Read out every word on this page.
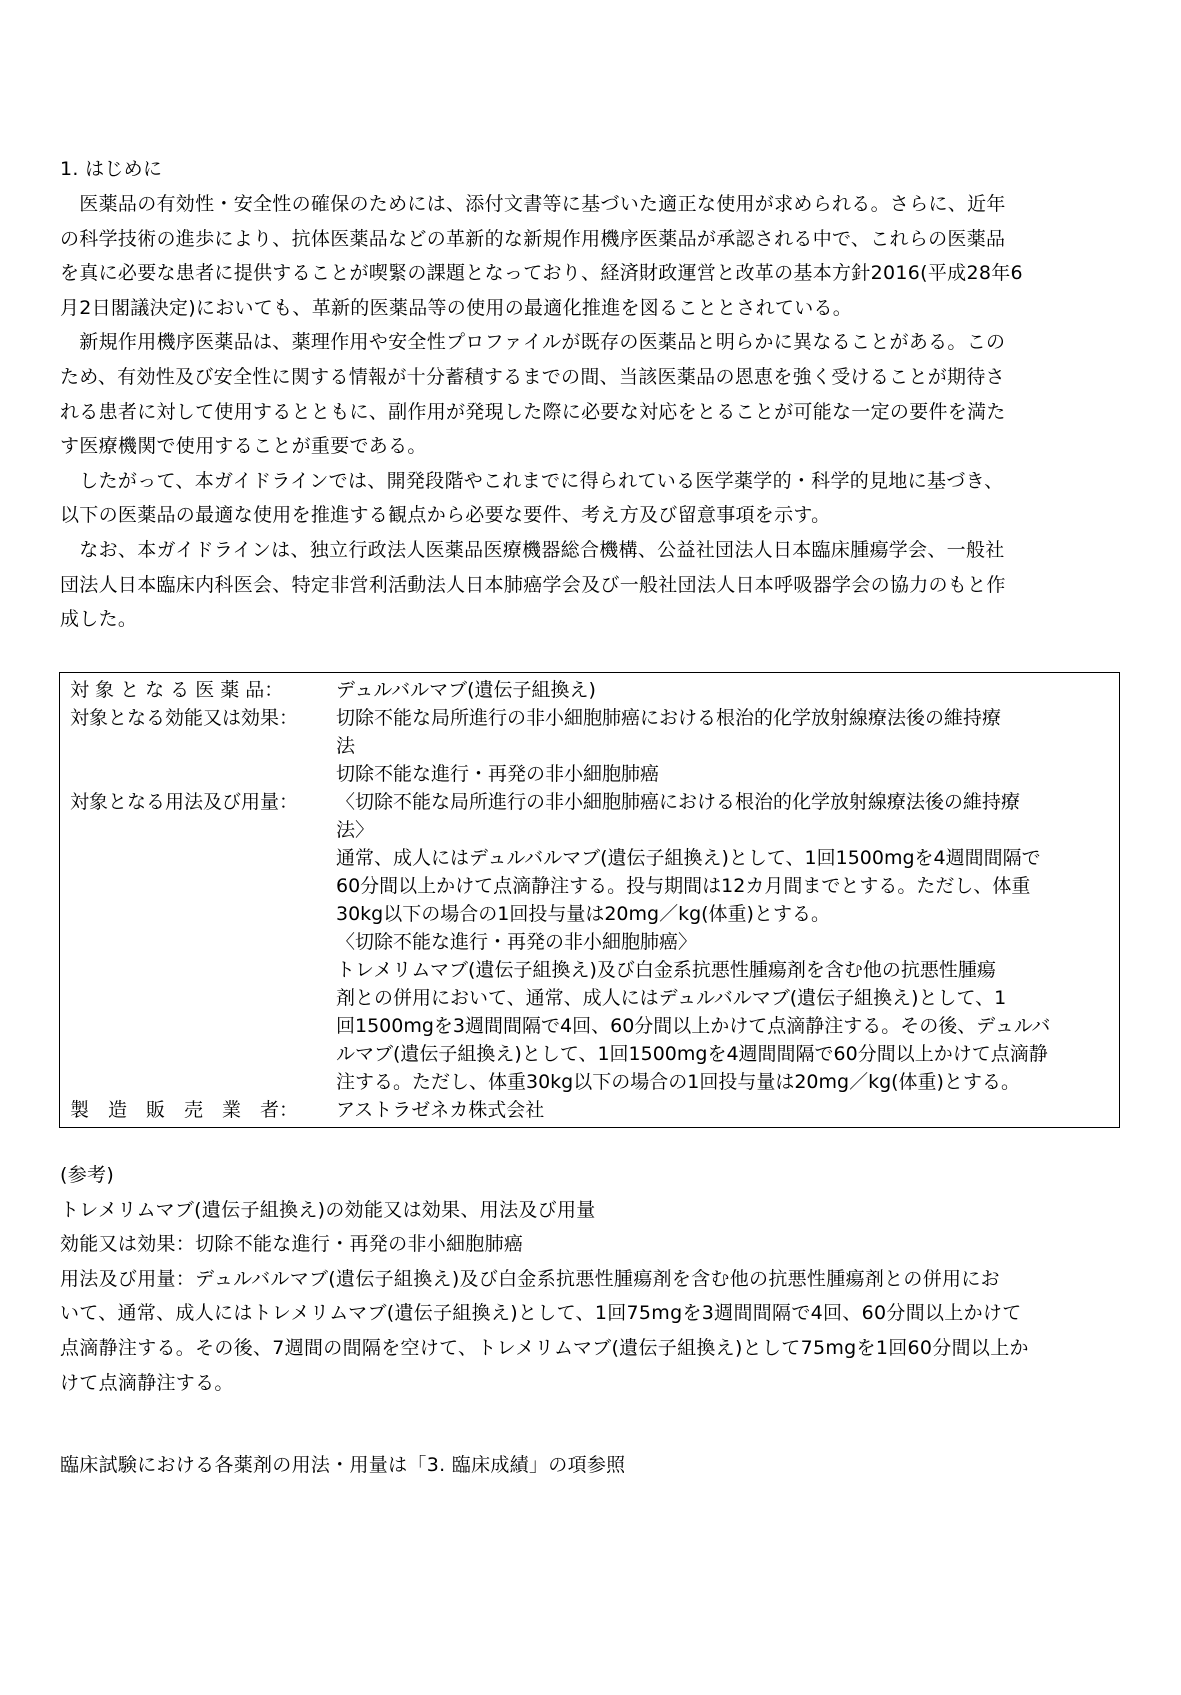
1. はじめに
　医薬品の有効性・安全性の確保のためには、添付文書等に基づいた適正な使用が求められる。さらに、近年
の科学技術の進歩により、抗体医薬品などの革新的な新規作用機序医薬品が承認される中で、これらの医薬品
を真に必要な患者に提供することが喫緊の課題となっており、経済財政運営と改革の基本方針2016(平成28年6
月2日閣議決定)においても、革新的医薬品等の使用の最適化推進を図ることとされている。
　新規作用機序医薬品は、薬理作用や安全性プロファイルが既存の医薬品と明らかに異なることがある。この
ため、有効性及び安全性に関する情報が十分蓄積するまでの間、当該医薬品の恩恵を強く受けることが期待さ
れる患者に対して使用するとともに、副作用が発現した際に必要な対応をとることが可能な一定の要件を満た
す医療機関で使用することが重要である。
　したがって、本ガイドラインでは、開発段階やこれまでに得られている医学薬学的・科学的見地に基づき、
以下の医薬品の最適な使用を推進する観点から必要な要件、考え方及び留意事項を示す。
　なお、本ガイドラインは、独立行政法人医薬品医療機器総合機構、公益社団法人日本臨床腫瘍学会、一般社
団法人日本臨床内科医会、特定非営利活動法人日本肺癌学会及び一般社団法人日本呼吸器学会の協力のもと作
成した。
対 象 と な る 医 薬 品：	デュルバルマブ(遺伝子組換え)
対象となる効能又は効果：	切除不能な局所進行の非小細胞肺癌における根治的化学放射線療法後の維持療
法
切除不能な進行・再発の非小細胞肺癌
対象となる用法及び用量：	〈切除不能な局所進行の非小細胞肺癌における根治的化学放射線療法後の維持療
法〉
通常、成人にはデュルバルマブ(遺伝子組換え)として、1回1500mgを4週間間隔で
60分間以上かけて点滴静注する。投与期間は12カ月間までとする。ただし、体重
30kg以下の場合の1回投与量は20mg／kg(体重)とする。
〈切除不能な進行・再発の非小細胞肺癌〉
トレメリムマブ(遺伝子組換え)及び白金系抗悪性腫瘍剤を含む他の抗悪性腫瘍
剤との併用において、通常、成人にはデュルバルマブ(遺伝子組換え)として、1
回1500mgを3週間間隔で4回、60分間以上かけて点滴静注する。その後、デュルバ
ルマブ(遺伝子組換え)として、1回1500mgを4週間間隔で60分間以上かけて点滴静
注する。ただし、体重30kg以下の場合の1回投与量は20mg／kg(体重)とする。
製　造　販　売　業　者：	アストラゼネカ株式会社
(参考)
トレメリムマブ(遺伝子組換え)の効能又は効果、用法及び用量
効能又は効果：切除不能な進行・再発の非小細胞肺癌
用法及び用量：デュルバルマブ(遺伝子組換え)及び白金系抗悪性腫瘍剤を含む他の抗悪性腫瘍剤との併用にお
いて、通常、成人にはトレメリムマブ(遺伝子組換え)として、1回75mgを3週間間隔で4回、60分間以上かけて
点滴静注する。その後、7週間の間隔を空けて、トレメリムマブ(遺伝子組換え)として75mgを1回60分間以上か
けて点滴静注する。
臨床試験における各薬剤の用法・用量は「3. 臨床成績」の項参照
